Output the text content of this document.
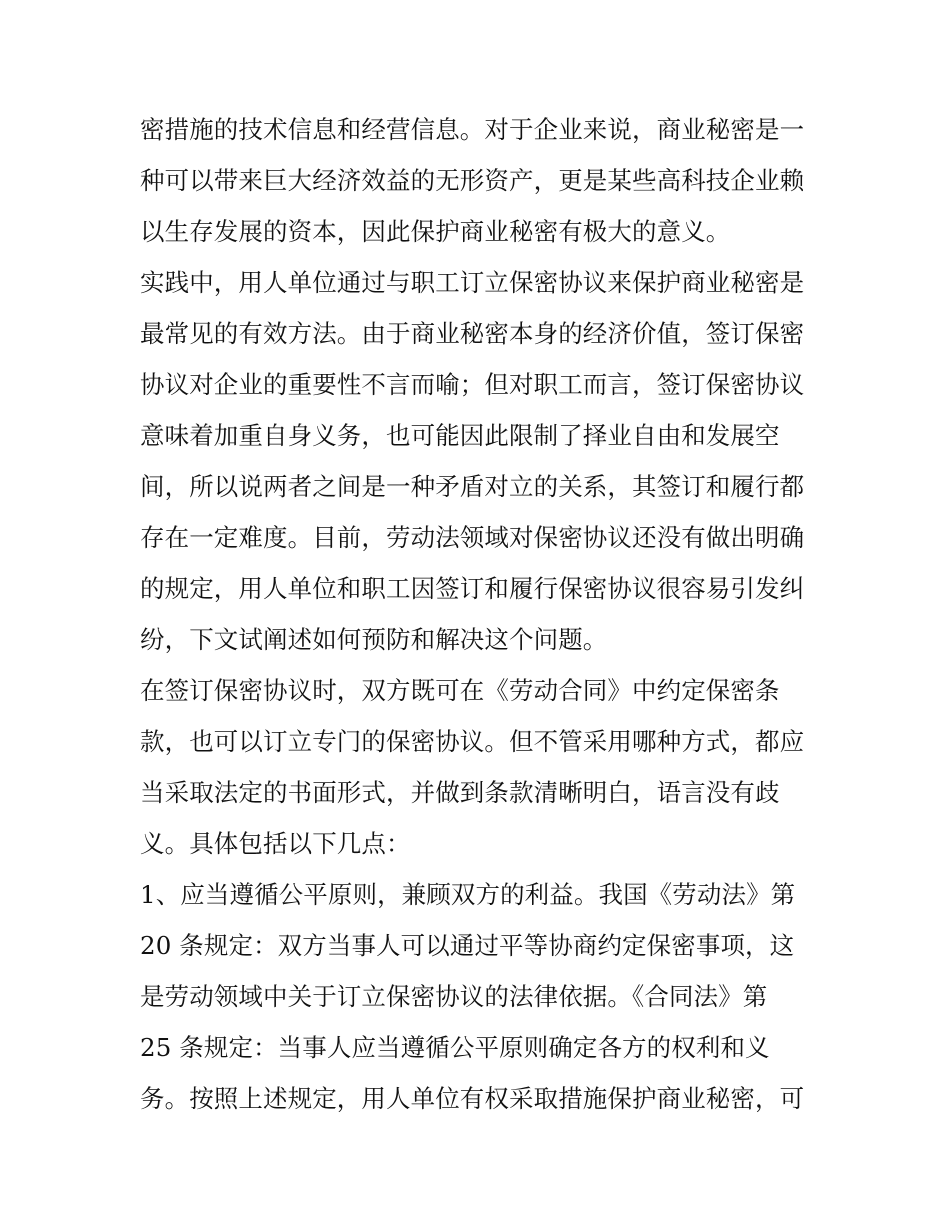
密措施的技术信息和经营信息。对于企业来说，商业秘密是一
种可以带来巨大经济效益的无形资产，更是某些高科技企业赖
以生存发展的资本，因此保护商业秘密有极大的意义。
实践中，用人单位通过与职工订立保密协议来保护商业秘密是
最常见的有效方法。由于商业秘密本身的经济价值，签订保密
协议对企业的重要性不言而喻；但对职工而言，签订保密协议
意味着加重自身义务，也可能因此限制了择业自由和发展空
间，所以说两者之间是一种矛盾对立的关系，其签订和履行都
存在一定难度。目前，劳动法领域对保密协议还没有做出明确
的规定，用人单位和职工因签订和履行保密协议很容易引发纠
纷，下文试阐述如何预防和解决这个问题。
在签订保密协议时，双方既可在《劳动合同》中约定保密条
款，也可以订立专门的保密协议。但不管采用哪种方式，都应
当采取法定的书面形式，并做到条款清晰明白，语言没有歧
义。具体包括以下几点：
1、应当遵循公平原则，兼顾双方的利益。我国《劳动法》第
20 条规定：双方当事人可以通过平等协商约定保密事项，这
是劳动领域中关于订立保密协议的法律依据。《合同法》第
25 条规定：当事人应当遵循公平原则确定各方的权利和义
务。按照上述规定，用人单位有权采取措施保护商业秘密，可
